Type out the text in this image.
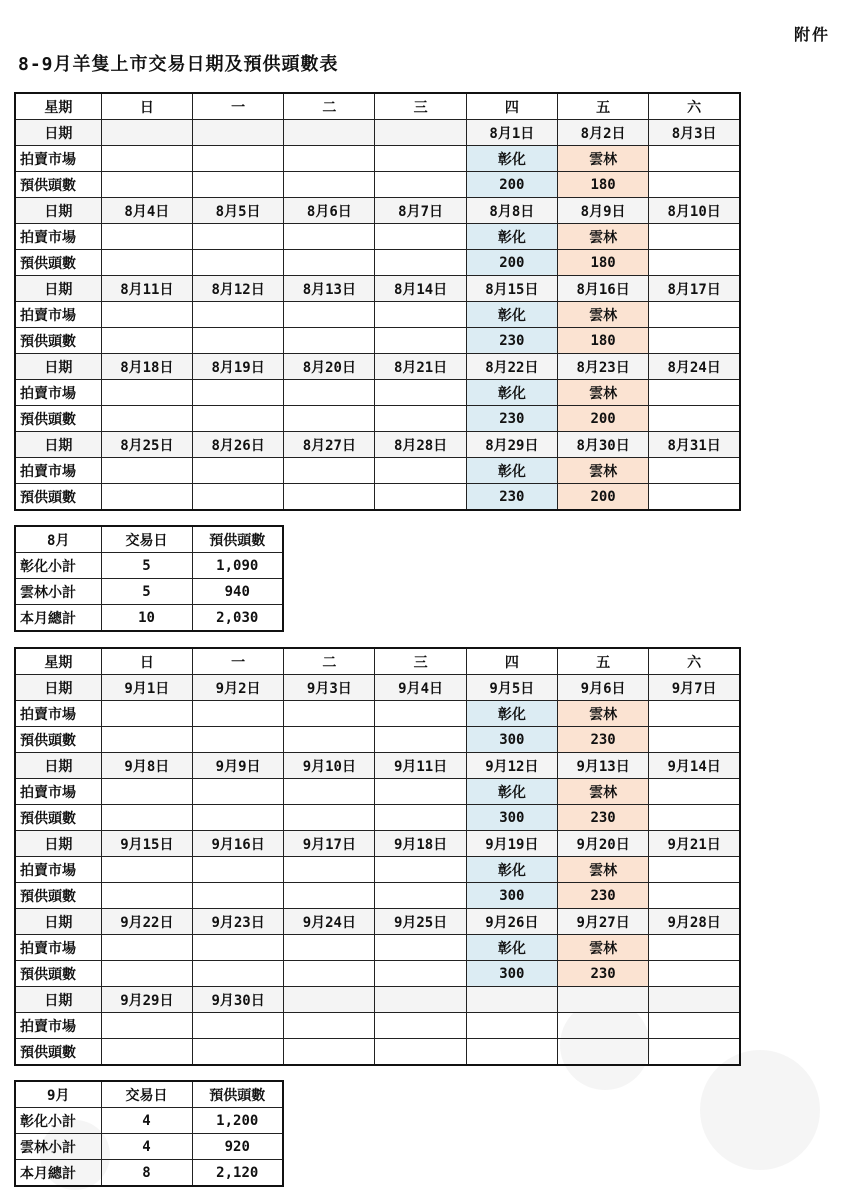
附件
8-9月羊隻上市交易日期及預供頭數表
星期	日	一	二	三	四	五	六
日期					8月1日	8月2日	8月3日
拍賣市場					彰化	雲林	
預供頭數					200	180	
日期	8月4日	8月5日	8月6日	8月7日	8月8日	8月9日	8月10日
拍賣市場					彰化	雲林	
預供頭數					200	180	
日期	8月11日	8月12日	8月13日	8月14日	8月15日	8月16日	8月17日
拍賣市場					彰化	雲林	
預供頭數					230	180	
日期	8月18日	8月19日	8月20日	8月21日	8月22日	8月23日	8月24日
拍賣市場					彰化	雲林	
預供頭數					230	200	
日期	8月25日	8月26日	8月27日	8月28日	8月29日	8月30日	8月31日
拍賣市場					彰化	雲林	
預供頭數					230	200	
8月	交易日	預供頭數
彰化小計	5	1,090
雲林小計	5	940
本月總計	10	2,030
星期	日	一	二	三	四	五	六
日期	9月1日	9月2日	9月3日	9月4日	9月5日	9月6日	9月7日
拍賣市場					彰化	雲林	
預供頭數					300	230	
日期	9月8日	9月9日	9月10日	9月11日	9月12日	9月13日	9月14日
拍賣市場					彰化	雲林	
預供頭數					300	230	
日期	9月15日	9月16日	9月17日	9月18日	9月19日	9月20日	9月21日
拍賣市場					彰化	雲林	
預供頭數					300	230	
日期	9月22日	9月23日	9月24日	9月25日	9月26日	9月27日	9月28日
拍賣市場					彰化	雲林	
預供頭數					300	230	
日期	9月29日	9月30日					
拍賣市場							
預供頭數							
9月	交易日	預供頭數
彰化小計	4	1,200
雲林小計	4	920
本月總計	8	2,120
